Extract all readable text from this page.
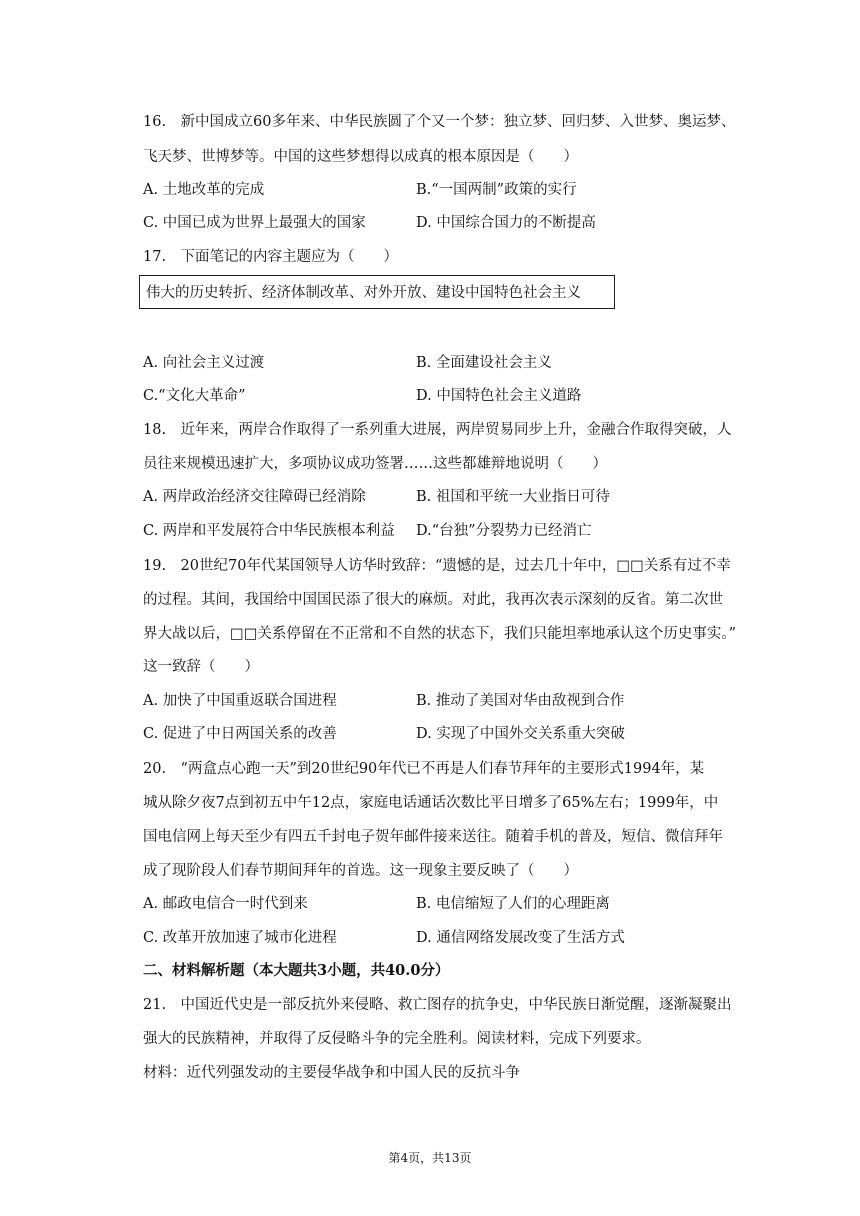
16.　新中国成立60多年来、中华民族圆了个又一个梦：独立梦、回归梦、入世梦、奥运梦、
飞天梦、世博梦等。中国的这些梦想得以成真的根本原因是（　　）
A. 土地改革的完成	B.“一国两制”政策的实行
C. 中国已成为世界上最强大的国家	D. 中国综合国力的不断提高
17.　下面笔记的内容主题应为（　　）
伟大的历史转折、经济体制改革、对外开放、建设中国特色社会主义
A. 向社会主义过渡	B. 全面建设社会主义
C.“文化大革命”	D. 中国特色社会主义道路
18.　近年来，两岸合作取得了一系列重大进展，两岸贸易同步上升，金融合作取得突破，人
员往来规模迅速扩大，多项协议成功签署……这些都雄辩地说明（　　）
A. 两岸政治经济交往障碍已经消除	B. 祖国和平统一大业指日可待
C. 两岸和平发展符合中华民族根本利益 D.“台独”分裂势力已经消亡
19.　20世纪70年代某国领导人访华时致辞：“遗憾的是，过去几十年中，□□关系有过不幸
的过程。其间，我国给中国国民添了很大的麻烦。对此，我再次表示深刻的反省。第二次世
界大战以后，□□关系停留在不正常和不自然的状态下，我们只能坦率地承认这个历史事实。”
这一致辞（　　）
A. 加快了中国重返联合国进程	B. 推动了美国对华由敌视到合作
C. 促进了中日两国关系的改善	D. 实现了中国外交关系重大突破
20.　“两盒点心跑一天”到20世纪90年代已不再是人们春节拜年的主要形式1994年，某
城从除夕夜7点到初五中午12点，家庭电话通话次数比平日增多了65%左右；1999年，中
国电信网上每天至少有四五千封电子贺年邮件接来送往。随着手机的普及，短信、微信拜年
成了现阶段人们春节期间拜年的首选。这一现象主要反映了（　　）
A. 邮政电信合一时代到来	B. 电信缩短了人们的心理距离
C. 改革开放加速了城市化进程	D. 通信网络发展改变了生活方式
二、材料解析题（本大题共3小题，共40.0分）
21.　中国近代史是一部反抗外来侵略、救亡图存的抗争史，中华民族日渐觉醒，逐渐凝聚出
强大的民族精神，并取得了反侵略斗争的完全胜利。阅读材料，完成下列要求。
材料：近代列强发动的主要侵华战争和中国人民的反抗斗争
第4页，共13页
